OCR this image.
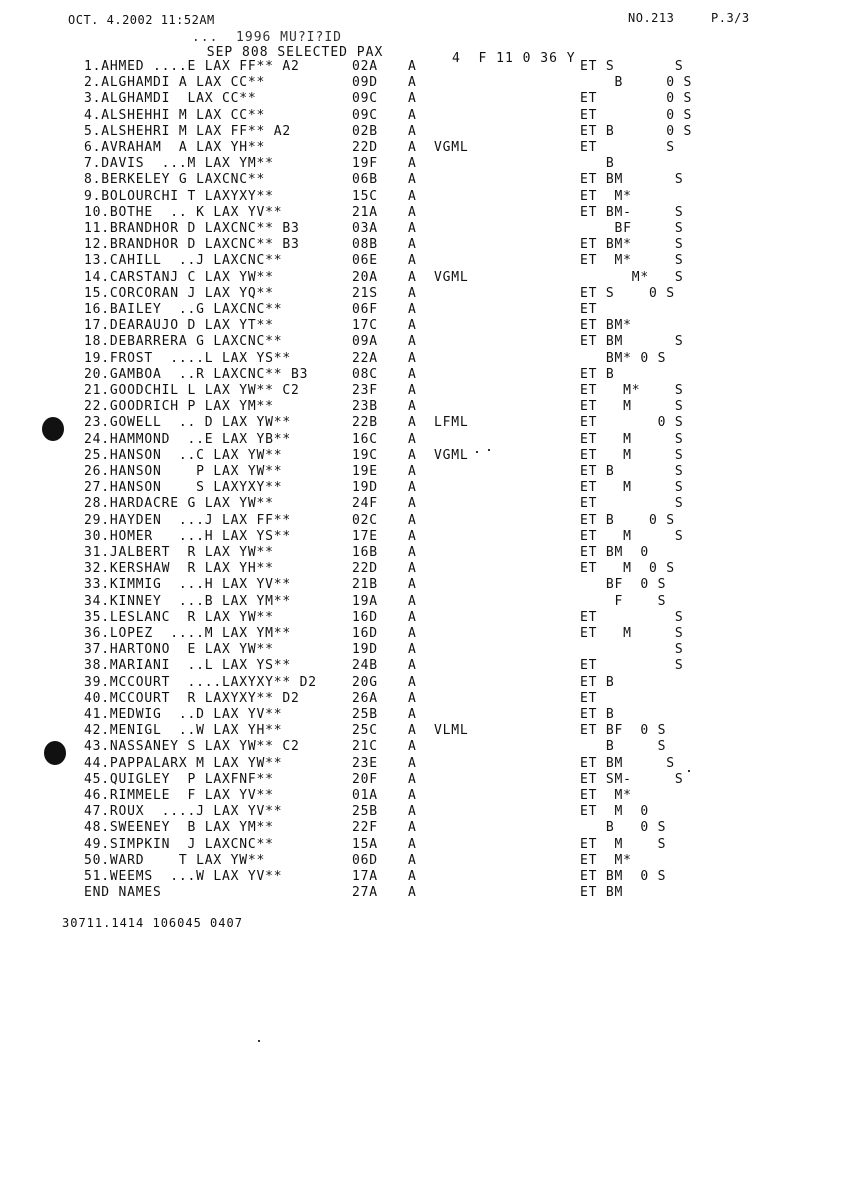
OCT. 4.2002 11:52AM	NO.213	P.3/3
...  1996 MU?I?ID
SEP 808 SELECTED PAX	4  F 11 0 36 Y
1.AHMED ....E LAX FF** A2	02A A	ET S       S
2.ALGHAMDI A LAX CC**	09D A	B     0 S
3.ALGHAMDI  LAX CC**	09C A	ET        0 S
4.ALSHEHHI M LAX CC**	09C A	ET        0 S
5.ALSHEHRI M LAX FF** A2	02B A	ET B      0 S
6.AVRAHAM  A LAX YH**	22D A VGML	ET        S
7.DAVIS  ...M LAX YM**	19F A	B
8.BERKELEY G LAXCNC**	06B A	ET BM      S
9.BOLOURCHI T LAXYXY**	15C A	ET  M*
10.BOTHE  .. K LAX YV**	21A A	ET BM-     S
11.BRANDHOR D LAXCNC** B3	03A A	BF     S
12.BRANDHOR D LAXCNC** B3	08B A	ET BM*     S
13.CAHILL  ..J LAXCNC**	06E A	ET  M*     S
14.CARSTANJ C LAX YW**	20A A VGML	M*   S
15.CORCORAN J LAX YQ**	21S A	ET S    0 S
16.BAILEY  ..G LAXCNC**	06F A	ET
17.DEARAUJO D LAX YT**	17C A	ET BM*
18.DEBARRERA G LAXCNC**	09A A	ET BM      S
19.FROST  ....L LAX YS**	22A A	BM* 0 S
20.GAMBOA  ..R LAXCNC** B3	08C A	ET B
21.GOODCHIL L LAX YW** C2	23F A	ET   M*    S
22.GOODRICH P LAX YM**	23B A	ET   M     S
23.GOWELL  .. D LAX YW**	22B A LFML	ET       0 S
24.HAMMOND  ..E LAX YB**	16C A	ET   M     S
25.HANSON  ..C LAX YW**	19C A VGML	ET   M     S
26.HANSON    P LAX YW**	19E A	ET B       S
27.HANSON    S LAXYXY**	19D A	ET   M     S
28.HARDACRE G LAX YW**	24F A	ET         S
29.HAYDEN  ...J LAX FF**	02C A	ET B    0 S
30.HOMER   ...H LAX YS**	17E A	ET   M     S
31.JALBERT  R LAX YW**	16B A	ET BM  0
32.KERSHAW  R LAX YH**	22D A	ET   M  0 S
33.KIMMIG  ...H LAX YV**	21B A	BF  0 S
34.KINNEY  ...B LAX YM**	19A A	F    S
35.LESLANC  R LAX YW**	16D A	ET         S
36.LOPEZ  ....M LAX YM**	16D A	ET   M     S
37.HARTONO  E LAX YW**	19D A	S
38.MARIANI  ..L LAX YS**	24B A	ET         S
39.MCCOURT  ....LAXYXY** D2	20G A	ET B
40.MCCOURT  R LAXYXY** D2	26A A	ET
41.MEDWIG  ..D LAX YV**	25B A	ET B
42.MENIGL  ..W LAX YH**	25C A VLML	ET BF  0 S
43.NASSANEY S LAX YW** C2	21C A	B     S
44.PAPPALARX M LAX YW**	23E A	ET BM     S
45.QUIGLEY  P LAXFNF**	20F A	ET SM-     S
46.RIMMELE  F LAX YV**	01A A	ET  M*
47.ROUX  ....J LAX YV**	25B A	ET  M  0
48.SWEENEY  B LAX YM**	22F A	B   0 S
49.SIMPKIN  J LAXCNC**	15A A	ET  M    S
50.WARD    T LAX YW**	06D A	ET  M*
51.WEEMS  ...W LAX YV**	17A A	ET BM  0 S
END NAMES	27A A	ET BM
30711.1414 106045 0407
